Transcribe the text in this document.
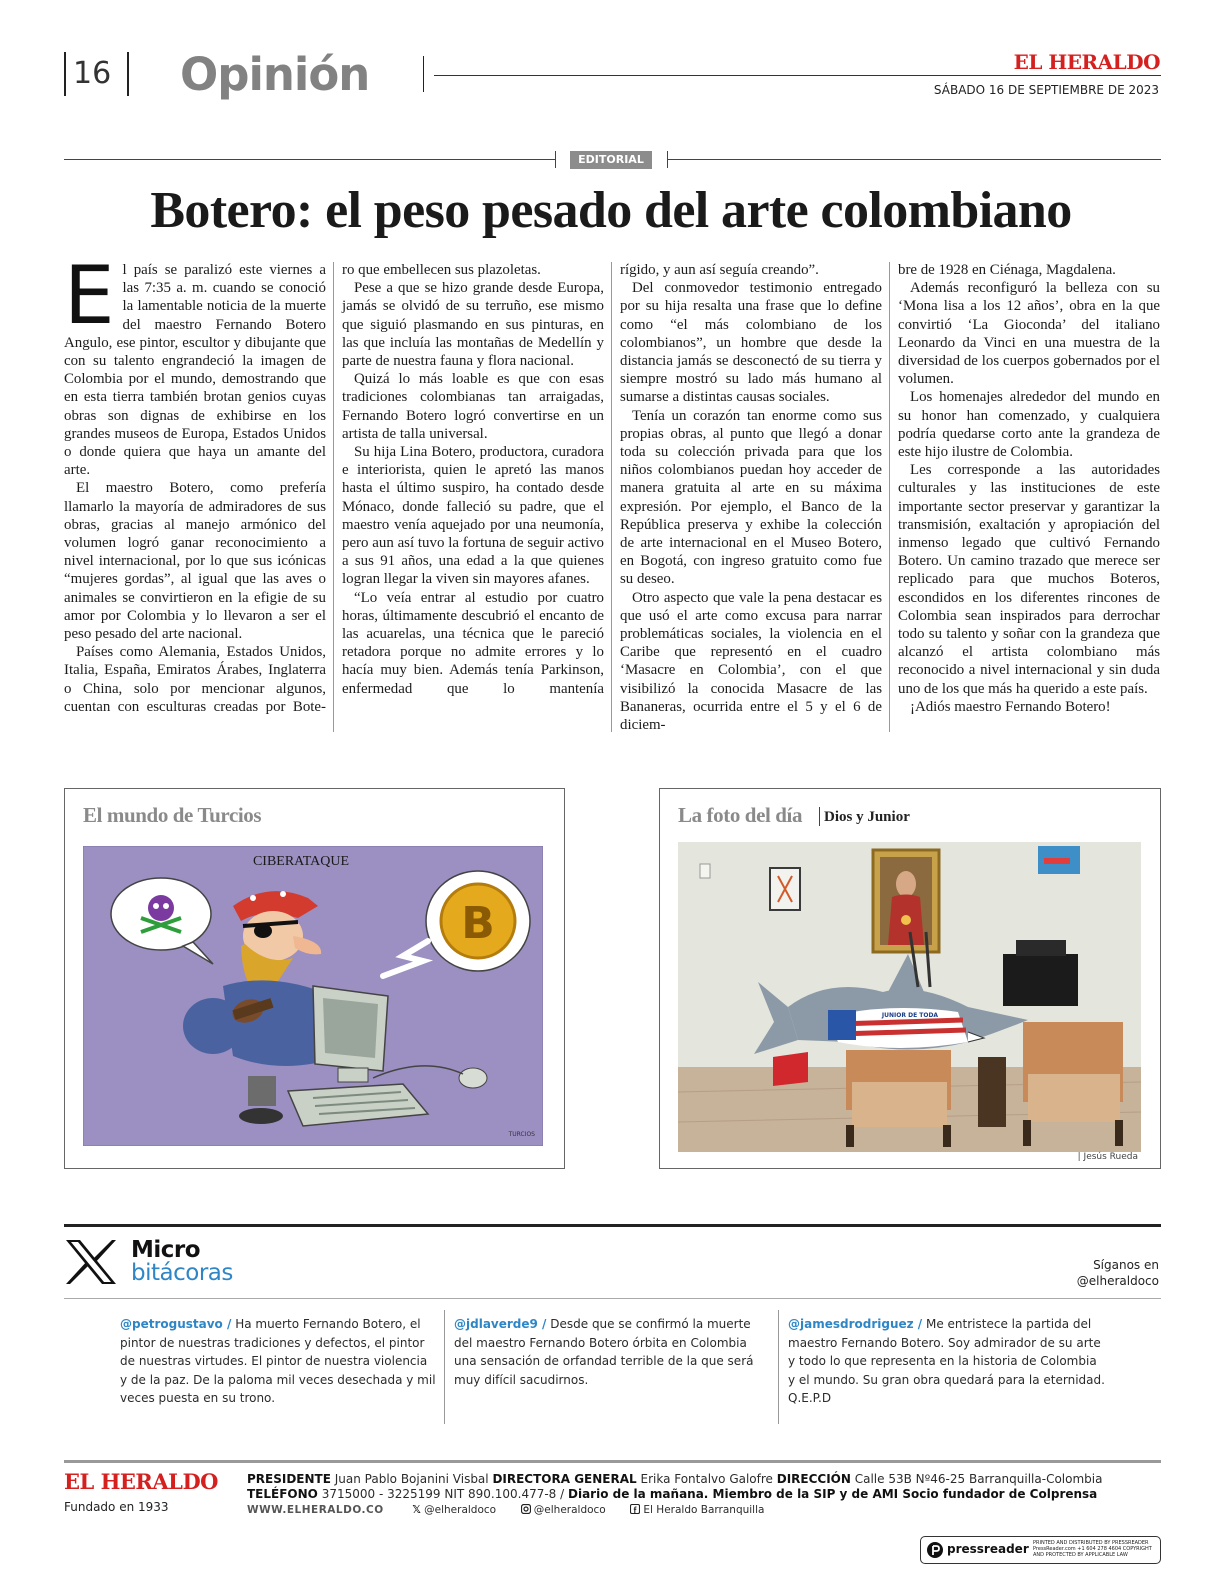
16 Opinión	EL HERALDO
SÁBADO 16 DE SEPTIEMBRE DE 2023
EDITORIAL
Botero: el peso pesado del arte colombiano
E l país se paralizó este viernes a las 7:35 a. m. cuando se conoció la lamentable noticia de la muerte del maestro Fernando Botero Angulo, ese pintor, escultor y dibujante que con su talento engrandeció la imagen de Colombia por el mundo, demostrando que en esta tierra también brotan genios cuyas obras son dignas de exhibirse en los grandes museos de Europa, Estados Unidos o donde quiera que haya un amante del arte.

El maestro Botero, como prefería llamarlo la mayoría de admiradores de sus obras, gracias al manejo armónico del volumen logró ganar reconocimiento a nivel internacional, por lo que sus icónicas “mujeres gordas”, al igual que las aves o animales se convirtieron en la efigie de su amor por Colombia y lo llevaron a ser el peso pesado del arte nacional.

Países como Alemania, Estados Unidos, Italia, España, Emiratos Árabes, Inglaterra o China, solo por mencionar algunos, cuentan con esculturas creadas por Bote-

ro que embellecen sus plazoletas.

Pese a que se hizo grande desde Europa, jamás se olvidó de su terruño, ese mismo que siguió plasmando en sus pinturas, en las que incluía las montañas de Medellín y parte de nuestra fauna y flora nacional.

Quizá lo más loable es que con esas tradiciones colombianas tan arraigadas, Fernando Botero logró convertirse en un artista de talla universal.

Su hija Lina Botero, productora, curadora e interiorista, quien le apretó las manos hasta el último suspiro, ha contado desde Mónaco, donde falleció su padre, que el maestro venía aquejado por una neumonía, pero aun así tuvo la fortuna de seguir activo a sus 91 años, una edad a la que quienes logran llegar la viven sin mayores afanes.

“Lo veía entrar al estudio por cuatro horas, últimamente descubrió el encanto de las acuarelas, una técnica que le pareció retadora porque no admite errores y lo hacía muy bien. Además tenía Parkinson, enfermedad que lo mantenía

rígido, y aun así seguía creando”.

Del conmovedor testimonio entregado por su hija resalta una frase que lo define como “el más colombiano de los colombianos”, un hombre que desde la distancia jamás se desconectó de su tierra y siempre mostró su lado más humano al sumarse a distintas causas sociales.

Tenía un corazón tan enorme como sus propias obras, al punto que llegó a donar toda su colección privada para que los niños colombianos puedan hoy acceder de manera gratuita al arte en su máxima expresión. Por ejemplo, el Banco de la República preserva y exhibe la colección de arte internacional en el Museo Botero, en Bogotá, con ingreso gratuito como fue su deseo.

Otro aspecto que vale la pena destacar es que usó el arte como excusa para narrar problemáticas sociales, la violencia en el Caribe que representó en el cuadro ‘Masacre en Colombia’, con el que visibilizó la conocida Masacre de las Bananeras, ocurrida entre el 5 y el 6 de diciem-

bre de 1928 en Ciénaga, Magdalena.

Además reconfiguró la belleza con su ‘Mona lisa a los 12 años’, obra en la que convirtió ‘La Gioconda’ del italiano Leonardo da Vinci en una muestra de la diversidad de los cuerpos gobernados por el volumen.

Los homenajes alrededor del mundo en su honor han comenzado, y cualquiera podría quedarse corto ante la grandeza de este hijo ilustre de Colombia.

Les corresponde a las autoridades culturales y las instituciones de este importante sector preservar y garantizar la transmisión, exaltación y apropiación del inmenso legado que cultivó Fernando Botero. Un camino trazado que merece ser replicado para que muchos Boteros, escondidos en los diferentes rincones de Colombia sean inspirados para derrochar todo su talento y soñar con la grandeza que alcanzó el artista colombiano más reconocido a nivel internacional y sin duda uno de los que más ha querido a este país.

¡Adiós maestro Fernando Botero!

El mundo de Turcios
CIBERATAQUE
B
TURCIOS
La foto del día Dios y Junior
JUNIOR DE TODA
| Jesús Rueda
Micro
bitácoras	Síganos en
@elheraldoco
@petrogustavo / Ha muerto Fernando Botero, el pintor de nuestras tradiciones y defectos, el pintor de nuestras virtudes. El pintor de nuestra violencia y de la paz. De la paloma mil veces desechada y mil veces puesta en su trono.
@jdlaverde9 / Desde que se confirmó la muerte del maestro Fernando Botero órbita en Colombia una sensación de orfandad terrible de la que será muy difícil sacudirnos.
@jamesdrodriguez / Me entristece la partida del maestro Fernando Botero. Soy admirador de su arte y todo lo que representa en la historia de Colombia y el mundo. Su gran obra quedará para la eternidad. Q.E.P.D
EL HERALDO
Fundado en 1933
PRESIDENTE Juan Pablo Bojanini Visbal DIRECTORA GENERAL Erika Fontalvo Galofre DIRECCIÓN Calle 53B Nº46-25 Barranquilla-Colombia
TELÉFONO 3715000 - 3225199 NIT 890.100.477-8 / Diario de la mañana. Miembro de la SIP y de AMI Socio fundador de Colprensa
WWW.ELHERALDO.CO	𝕏 @elheraldoco	@elheraldoco	El Heraldo Barranquilla
pressreader PRINTED AND DISTRIBUTED BY PRESSREADER PressReader.com +1 604 278 4604 COPYRIGHT AND PROTECTED BY APPLICABLE LAW
